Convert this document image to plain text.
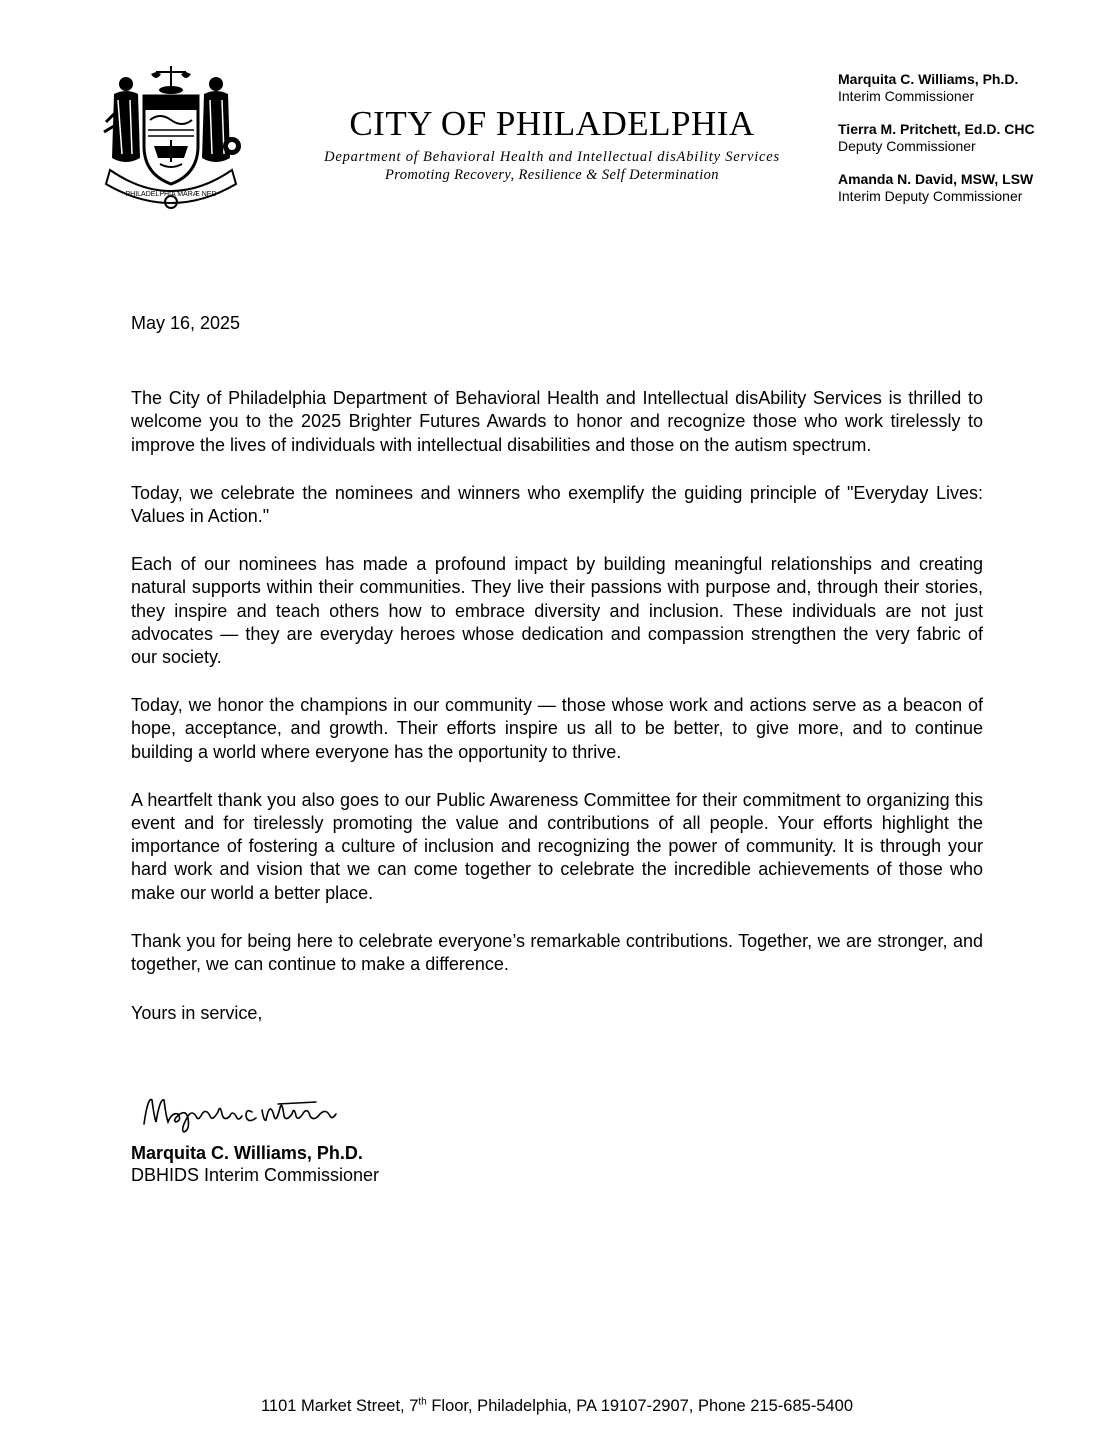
PHILADELPHIA MARÆ NED
CITY OF PHILADELPHIA
Department of Behavioral Health and Intellectual disAbility Services
Promoting Recovery, Resilience & Self Determination
Marquita C. Williams, Ph.D.
Interim Commissioner
Tierra M. Pritchett, Ed.D. CHC
Deputy Commissioner
Amanda N. David, MSW, LSW
Interim Deputy Commissioner

May 16, 2025

The City of Philadelphia Department of Behavioral Health and Intellectual disAbility Services is thrilled to welcome you to the 2025 Brighter Futures Awards to honor and recognize those who work tirelessly to improve the lives of individuals with intellectual disabilities and those on the autism spectrum.

Today, we celebrate the nominees and winners who exemplify the guiding principle of "Everyday Lives: Values in Action."

Each of our nominees has made a profound impact by building meaningful relationships and creating natural supports within their communities. They live their passions with purpose and, through their stories, they inspire and teach others how to embrace diversity and inclusion. These individuals are not just advocates — they are everyday heroes whose dedication and compassion strengthen the very fabric of our society.

Today, we honor the champions in our community — those whose work and actions serve as a beacon of hope, acceptance, and growth. Their efforts inspire us all to be better, to give more, and to continue building a world where everyone has the opportunity to thrive.

A heartfelt thank you also goes to our Public Awareness Committee for their commitment to organizing this event and for tirelessly promoting the value and contributions of all people. Your efforts highlight the importance of fostering a culture of inclusion and recognizing the power of community. It is through your hard work and vision that we can come together to celebrate the incredible achievements of those who make our world a better place.

Thank you for being here to celebrate everyone’s remarkable contributions. Together, we are stronger, and together, we can continue to make a difference.

Yours in service,

Marquita C. Williams, Ph.D.
DBHIDS Interim Commissioner
1101 Market Street, 7th Floor, Philadelphia, PA 19107-2907, Phone 215-685-5400
